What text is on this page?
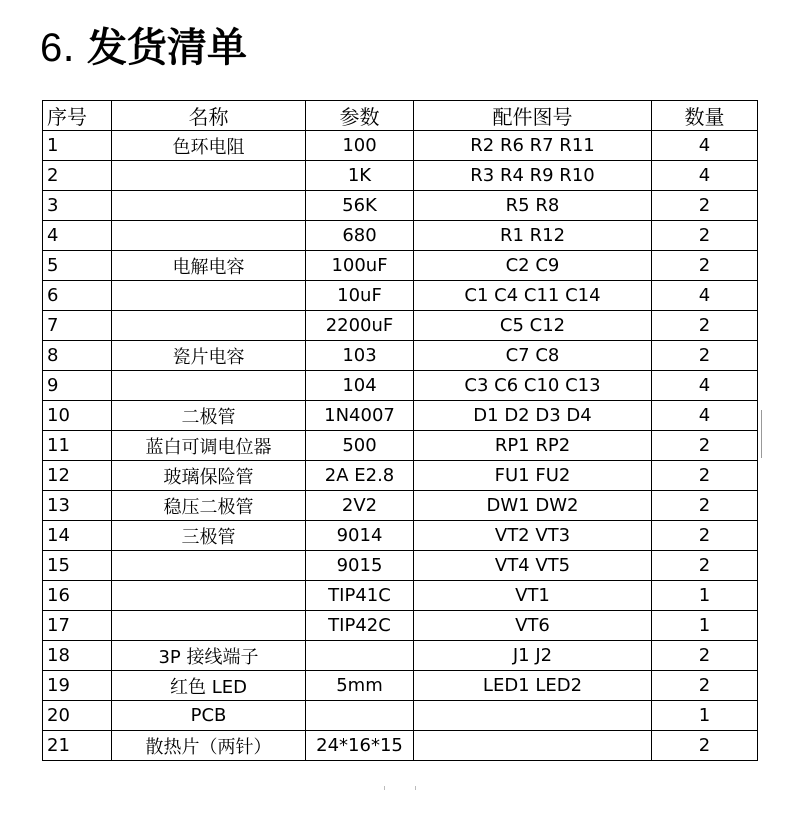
6 . 发货清单
序号	名称	参数	配件图号	数量
1	色环电阻	100	R2 R6 R7 R11	4
2		1K	R3 R4 R9 R10	4
3		56K	R5 R8	2
4		680	R1 R12	2
5	电解电容	100uF	C2 C9	2
6		10uF	C1 C4 C11 C14	4
7		2200uF	C5 C12	2
8	瓷片电容	103	C7 C8	2
9		104	C3 C6 C10 C13	4
10	二极管	1N4007	D1 D2 D3 D4	4
11	蓝白可调电位器	500	RP1 RP2	2
12	玻璃保险管	2A E2.8	FU1 FU2	2
13	稳压二极管	2V2	DW1 DW2	2
14	三极管	9014	VT2 VT3	2
15		9015	VT4 VT5	2
16		TIP41C	VT1	1
17		TIP42C	VT6	1
18	3P 接线端子		J1 J2	2
19	红色 LED	5mm	LED1 LED2	2
20	PCB			1
21	散热片（两针）	24*16*15		2
